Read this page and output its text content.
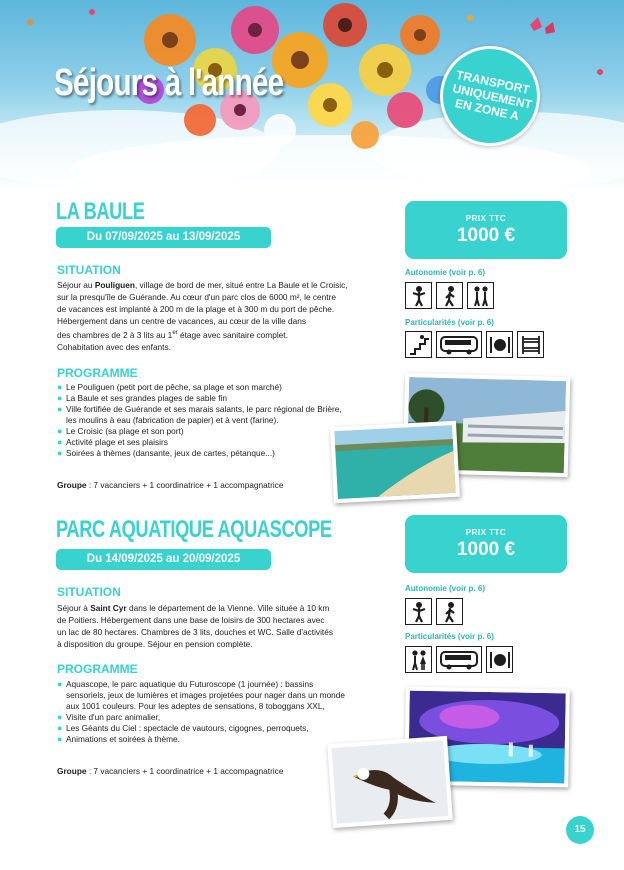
Séjours à l'année	TRANSPORT
UNIQUEMENT
EN ZONE A
LA BAULE
Du 07/09/2025 au 13/09/2025
SITUATION
Séjour au Pouliguen, village de bord de mer, situé entre La Baule et le Croisic,
sur la presqu'île de Guérande. Au cœur d'un parc clos de 6000 m², le centre
de vacances est implanté à 200 m de la plage et à 300 m du port de pêche.
Hébergement dans un centre de vacances, au cœur de la ville dans
des chambres de 2 à 3 lits au 1er étage avec sanitaire complet.
Cohabitation avec des enfants.
PROGRAMME
● Le Pouliguen (petit port de pêche, sa plage et son marché)
● La Baule et ses grandes plages de sable fin
● Ville fortifiée de Guérande et ses marais salants, le parc régional de Brière,
les moulins à eau (fabrication de papier) et à vent (farine).
● Le Croisic (sa plage et son port)
● Activité plage et ses plaisirs
● Soirées à thèmes (dansante, jeux de cartes, pétanque...)
Groupe : 7 vacanciers + 1 coordinatrice + 1 accompagnatrice
PRIX TTC
1000 €
Autonomie (voir p. 6)
Particularités (voir p. 6)
PARC AQUATIQUE AQUASCOPE
Du 14/09/2025 au 20/09/2025
SITUATION
Séjour à Saint Cyr dans le département de la Vienne. Ville située à 10 km
de Poitiers. Hébergement dans une base de loisirs de 300 hectares avec
un lac de 80 hectares. Chambres de 3 lits, douches et WC. Salle d'activités
à disposition du groupe. Séjour en pension complète.
PROGRAMME
● Aquascope, le parc aquatique du Futuroscope (1 journée) : bassins
sensoriels, jeux de lumières et images projetées pour nager dans un monde
aux 1001 couleurs. Pour les adeptes de sensations, 8 toboggans XXL,
● Visite d'un parc animalier,
● Les Géants du Ciel : spectacle de vautours, cigognes, perroquets,
● Animations et soirées à thème.
Groupe : 7 vacanciers + 1 coordinatrice + 1 accompagnatrice
PRIX TTC
1000 €
Autonomie (voir p. 6)
Particularités (voir p. 6)
15
